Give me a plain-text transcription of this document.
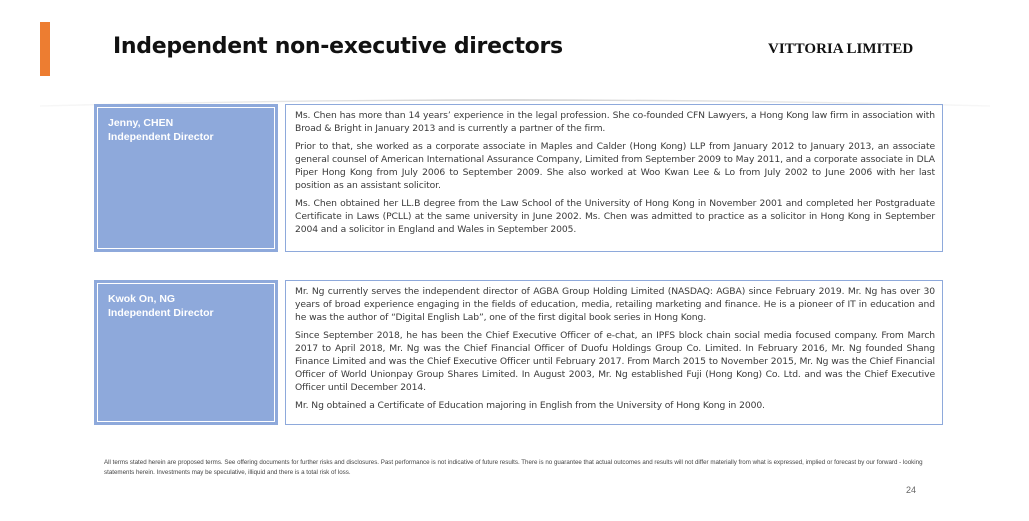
Independent non-executive directors	VITTORIA LIMITED
Jenny, CHEN
Independent Director

Ms. Chen has more than 14 years’ experience in the legal profession. She co-founded CFN Lawyers, a Hong Kong law firm in association with Broad & Bright in January 2013 and is currently a partner of the firm.

Prior to that, she worked as a corporate associate in Maples and Calder (Hong Kong) LLP from January 2012 to January 2013, an associate general counsel of American International Assurance Company, Limited from September 2009 to May 2011, and a corporate associate in DLA Piper Hong Kong from July 2006 to September 2009. She also worked at Woo Kwan Lee & Lo from July 2002 to June 2006 with her last position as an assistant solicitor.

Ms. Chen obtained her LL.B degree from the Law School of the University of Hong Kong in November 2001 and completed her Postgraduate Certificate in Laws (PCLL) at the same university in June 2002. Ms. Chen was admitted to practice as a solicitor in Hong Kong in September 2004 and a solicitor in England and Wales in September 2005.

Kwok On, NG
Independent Director

Mr. Ng currently serves the independent director of AGBA Group Holding Limited (NASDAQ: AGBA) since February 2019. Mr. Ng has over 30 years of broad experience engaging in the fields of education, media, retailing marketing and finance. He is a pioneer of IT in education and he was the author of “Digital English Lab”, one of the first digital book series in Hong Kong.

Since September 2018, he has been the Chief Executive Officer of e-chat, an IPFS block chain social media focused company. From March 2017 to April 2018, Mr. Ng was the Chief Financial Officer of Duofu Holdings Group Co. Limited. In February 2016, Mr. Ng founded Shang Finance Limited and was the Chief Executive Officer until February 2017. From March 2015 to November 2015, Mr. Ng was the Chief Financial Officer of World Unionpay Group Shares Limited. In August 2003, Mr. Ng established Fuji (Hong Kong) Co. Ltd. and was the Chief Executive Officer until December 2014.

Mr. Ng obtained a Certificate of Education majoring in English from the University of Hong Kong in 2000.

All terms stated herein are proposed terms. See offering documents for further risks and disclosures. Past performance is not indicative of future results. There is no guarantee that actual outcomes and results will not differ materially from what is expressed, implied or forecast by our forward - looking statements herein. Investments may be speculative, illiquid and there is a total risk of loss.

24
